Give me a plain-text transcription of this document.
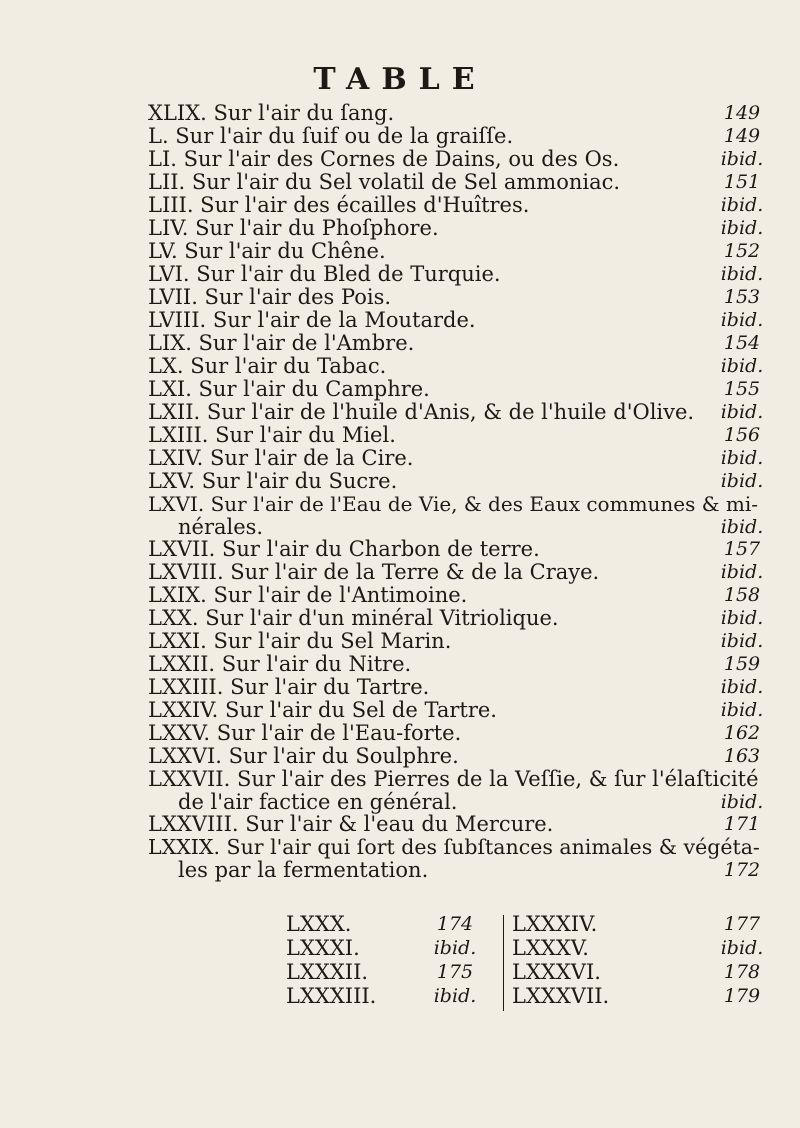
TABLE
XLIX. Sur l'air du ſang.	149
L. Sur l'air du ſuif ou de la graiſſe.	149
LI. Sur l'air des Cornes de Dains, ou des Os.	ibid.
LII. Sur l'air du Sel volatil de Sel ammoniac.	151
LIII. Sur l'air des écailles d'Huîtres.	ibid.
LIV. Sur l'air du Phoſphore.	ibid.
LV. Sur l'air du Chêne.	152
LVI. Sur l'air du Bled de Turquie.	ibid.
LVII. Sur l'air des Pois.	153
LVIII. Sur l'air de la Moutarde.	ibid.
LIX. Sur l'air de l'Ambre.	154
LX. Sur l'air du Tabac.	ibid.
LXI. Sur l'air du Camphre.	155
LXII. Sur l'air de l'huile d'Anis, & de l'huile d'Olive.	ibid.
LXIII. Sur l'air du Miel.	156
LXIV. Sur l'air de la Cire.	ibid.
LXV. Sur l'air du Sucre.	ibid.
LXVI. Sur l'air de l'Eau de Vie, & des Eaux communes & mi-
nérales.	ibid.
LXVII. Sur l'air du Charbon de terre.	157
LXVIII. Sur l'air de la Terre & de la Craye.	ibid.
LXIX. Sur l'air de l'Antimoine.	158
LXX. Sur l'air d'un minéral Vitriolique.	ibid.
LXXI. Sur l'air du Sel Marin.	ibid.
LXXII. Sur l'air du Nitre.	159
LXXIII. Sur l'air du Tartre.	ibid.
LXXIV. Sur l'air du Sel de Tartre.	ibid.
LXXV. Sur l'air de l'Eau-forte.	162
LXXVI. Sur l'air du Soulphre.	163
LXXVII. Sur l'air des Pierres de la Veſſie, & ſur l'élaſticité
de l'air factice en général.	ibid.
LXXVIII. Sur l'air & l'eau du Mercure.	171
LXXIX. Sur l'air qui ſort des ſubſtances animales & végéta-
les par la fermentation.	172
LXXX.	174	LXXXIV.	177
LXXXI.	ibid.	LXXXV.	ibid.
LXXXII.	175	LXXXVI.	178
LXXXIII.	ibid.	LXXXVII.	179
